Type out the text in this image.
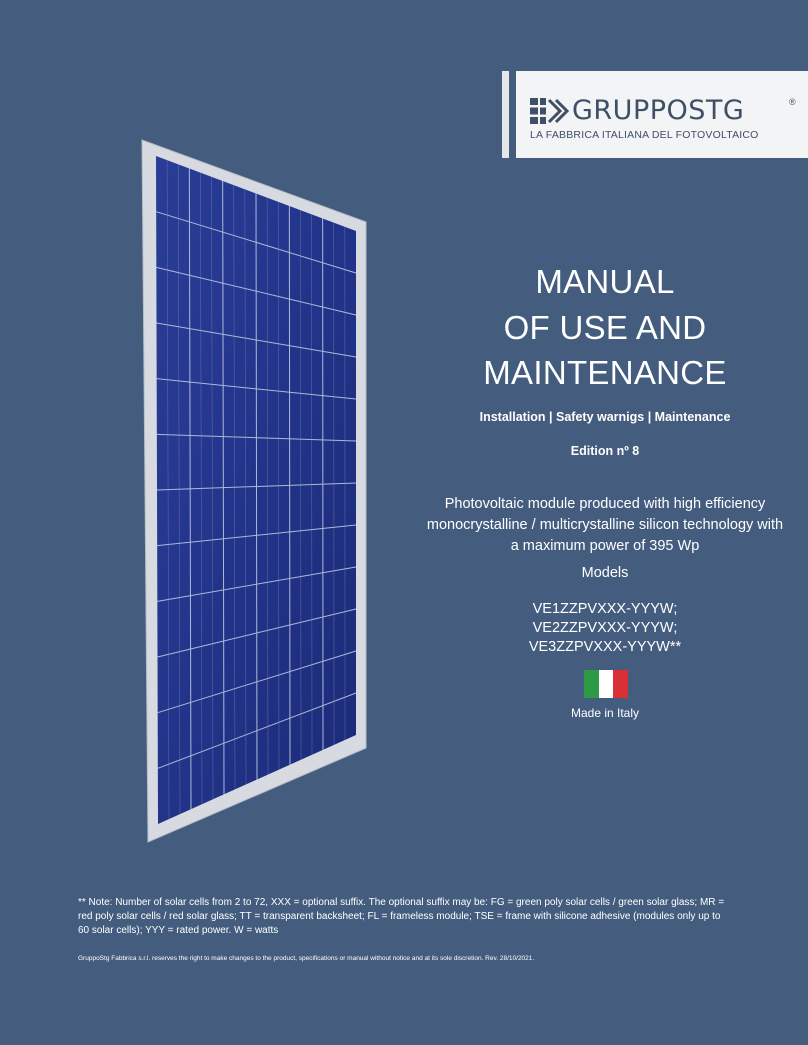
GRUPPOSTG	®
LA FABBRICA ITALIANA DEL FOTOVOLTAICO
MANUAL
OF USE AND
MAINTENANCE
Installation | Safety warnigs | Maintenance
Edition nº 8
Photovoltaic module produced with high efficiency
monocrystalline / multicrystalline silicon technology with
a maximum power of 395 Wp
Models
VE1ZZPVXXX-YYYW;
VE2ZZPVXXX-YYYW;
VE3ZZPVXXX-YYYW**
Made in Italy
** Note: Number of solar cells from 2 to 72, XXX = optional suffix. The optional suffix may be: FG = green poly solar cells / green solar glass; MR = red poly solar cells / red solar glass; TT = transparent backsheet; FL = frameless module; TSE = frame with silicone adhesive (modules only up to 60 solar cells); YYY = rated power. W = watts
GruppoStg Fabbrica s.r.l. reserves the right to make changes to the product, specifications or manual without notice and at its sole discretion. Rev. 28/10/2021.
